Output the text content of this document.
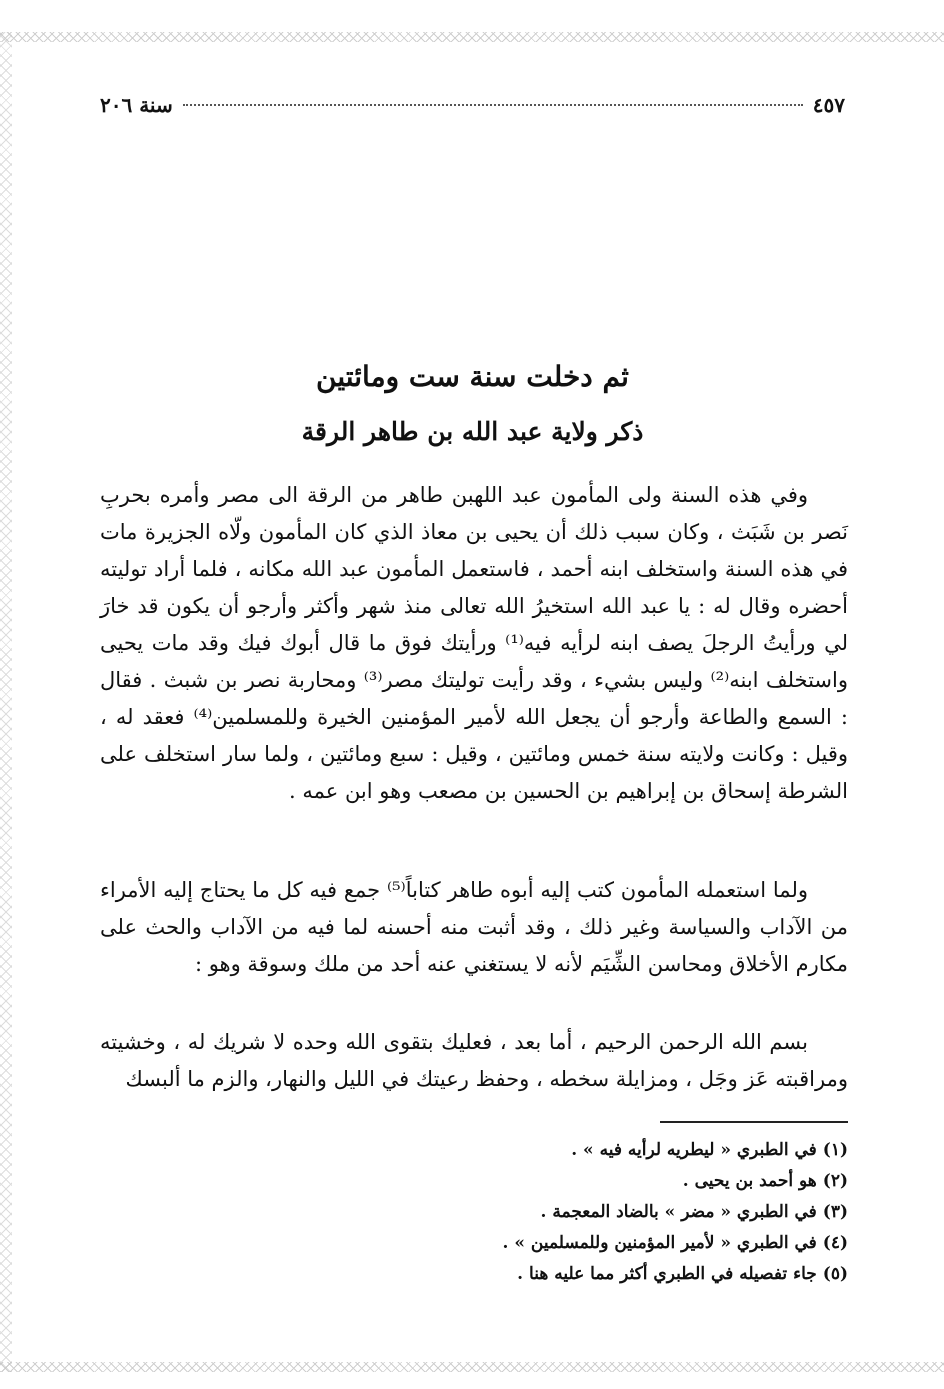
سنة ٢٠٦	٤٥٧
ثم دخلت سنة ست ومائتين
ذكر ولاية عبد الله بن طاهر الرقة
وفي هذه السنة ولى المأمون عبد اللهبن طاهر من الرقة الى مصر وأمره بحربِ نَصر بن شَبَث ، وكان سبب ذلك أن يحيى بن معاذ الذي كان المأمون ولّاه الجزيرة مات في هذه السنة واستخلف ابنه أحمد ، فاستعمل المأمون عبد الله مكانه ، فلما أراد توليته أحضره وقال له : يا عبد الله استخيرُ الله تعالى منذ شهر وأكثر وأرجو أن يكون قد خارَ لي ورأيتُ الرجلَ يصف ابنه لرأيه فيه⁽¹⁾ ورأيتك فوق ما قال أبوك فيك وقد مات يحيى واستخلف ابنه⁽²⁾ وليس بشيء ، وقد رأيت توليتك مصر⁽³⁾ ومحاربة نصر بن شبث . فقال : السمع والطاعة وأرجو أن يجعل الله لأمير المؤمنين الخيرة وللمسلمين⁽⁴⁾ فعقد له ، وقيل : وكانت ولايته سنة خمس ومائتين ، وقيل : سبع ومائتين ، ولما سار استخلف على الشرطة إسحاق بن إبراهيم بن الحسين بن مصعب وهو ابن عمه .
ولما استعمله المأمون كتب إليه أبوه طاهر كتاباً⁽⁵⁾ جمع فيه كل ما يحتاج إليه الأمراء من الآداب والسياسة وغير ذلك ، وقد أثبت منه أحسنه لما فيه من الآداب والحث على مكارم الأخلاق ومحاسن الشِّيَم لأنه لا يستغني عنه أحد من ملك وسوقة وهو :
بسم الله الرحمن الرحيم ، أما بعد ، فعليك بتقوى الله وحده لا شريك له ، وخشيته ومراقبته عَز وجَل ، ومزايلة سخطه ، وحفظ رعيتك في الليل والنهار، والزم ما ألبسك

(١)في الطبري « ليطريه لرأيه فيه » .

(٢)هو أحمد بن يحيى .

(٣)في الطبري « مضر » بالضاد المعجمة .

(٤)في الطبري « لأمير المؤمنين وللمسلمين » .

(٥)جاء تفصيله في الطبري أكثر مما عليه هنا .
